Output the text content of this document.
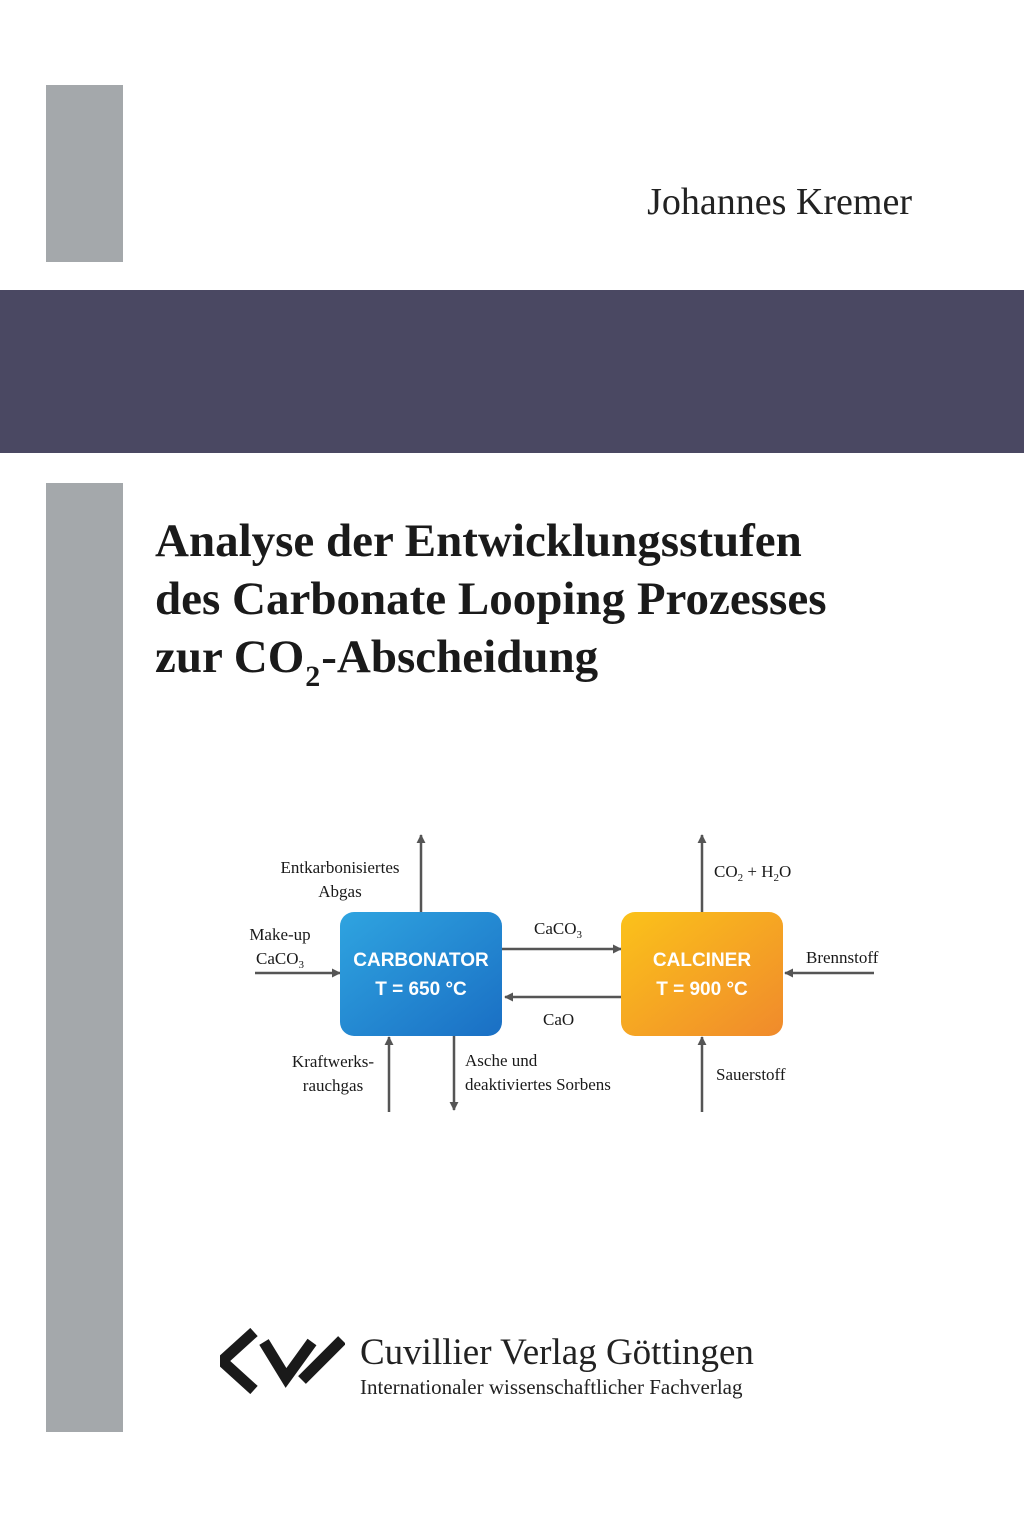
Johannes Kremer
Analyse der Entwicklungsstufen
des Carbonate Looping Prozesses
zur $CO_2$-Abscheidung
CARBONATOR
T = 650 °C
CALCINER
T = 900 °C
Entkarbonisiertes
Abgas
Make-up
CaCO$_3$
Kraftwerks-
rauchgas
Asche und
deaktiviertes Sorbens
CaCO$_3$
CaO
$CO_2 + H_2O$
Brennstoff
Sauerstoff
Cuvillier Verlag Göttingen
Internationaler wissenschaftlicher Fachverlag
